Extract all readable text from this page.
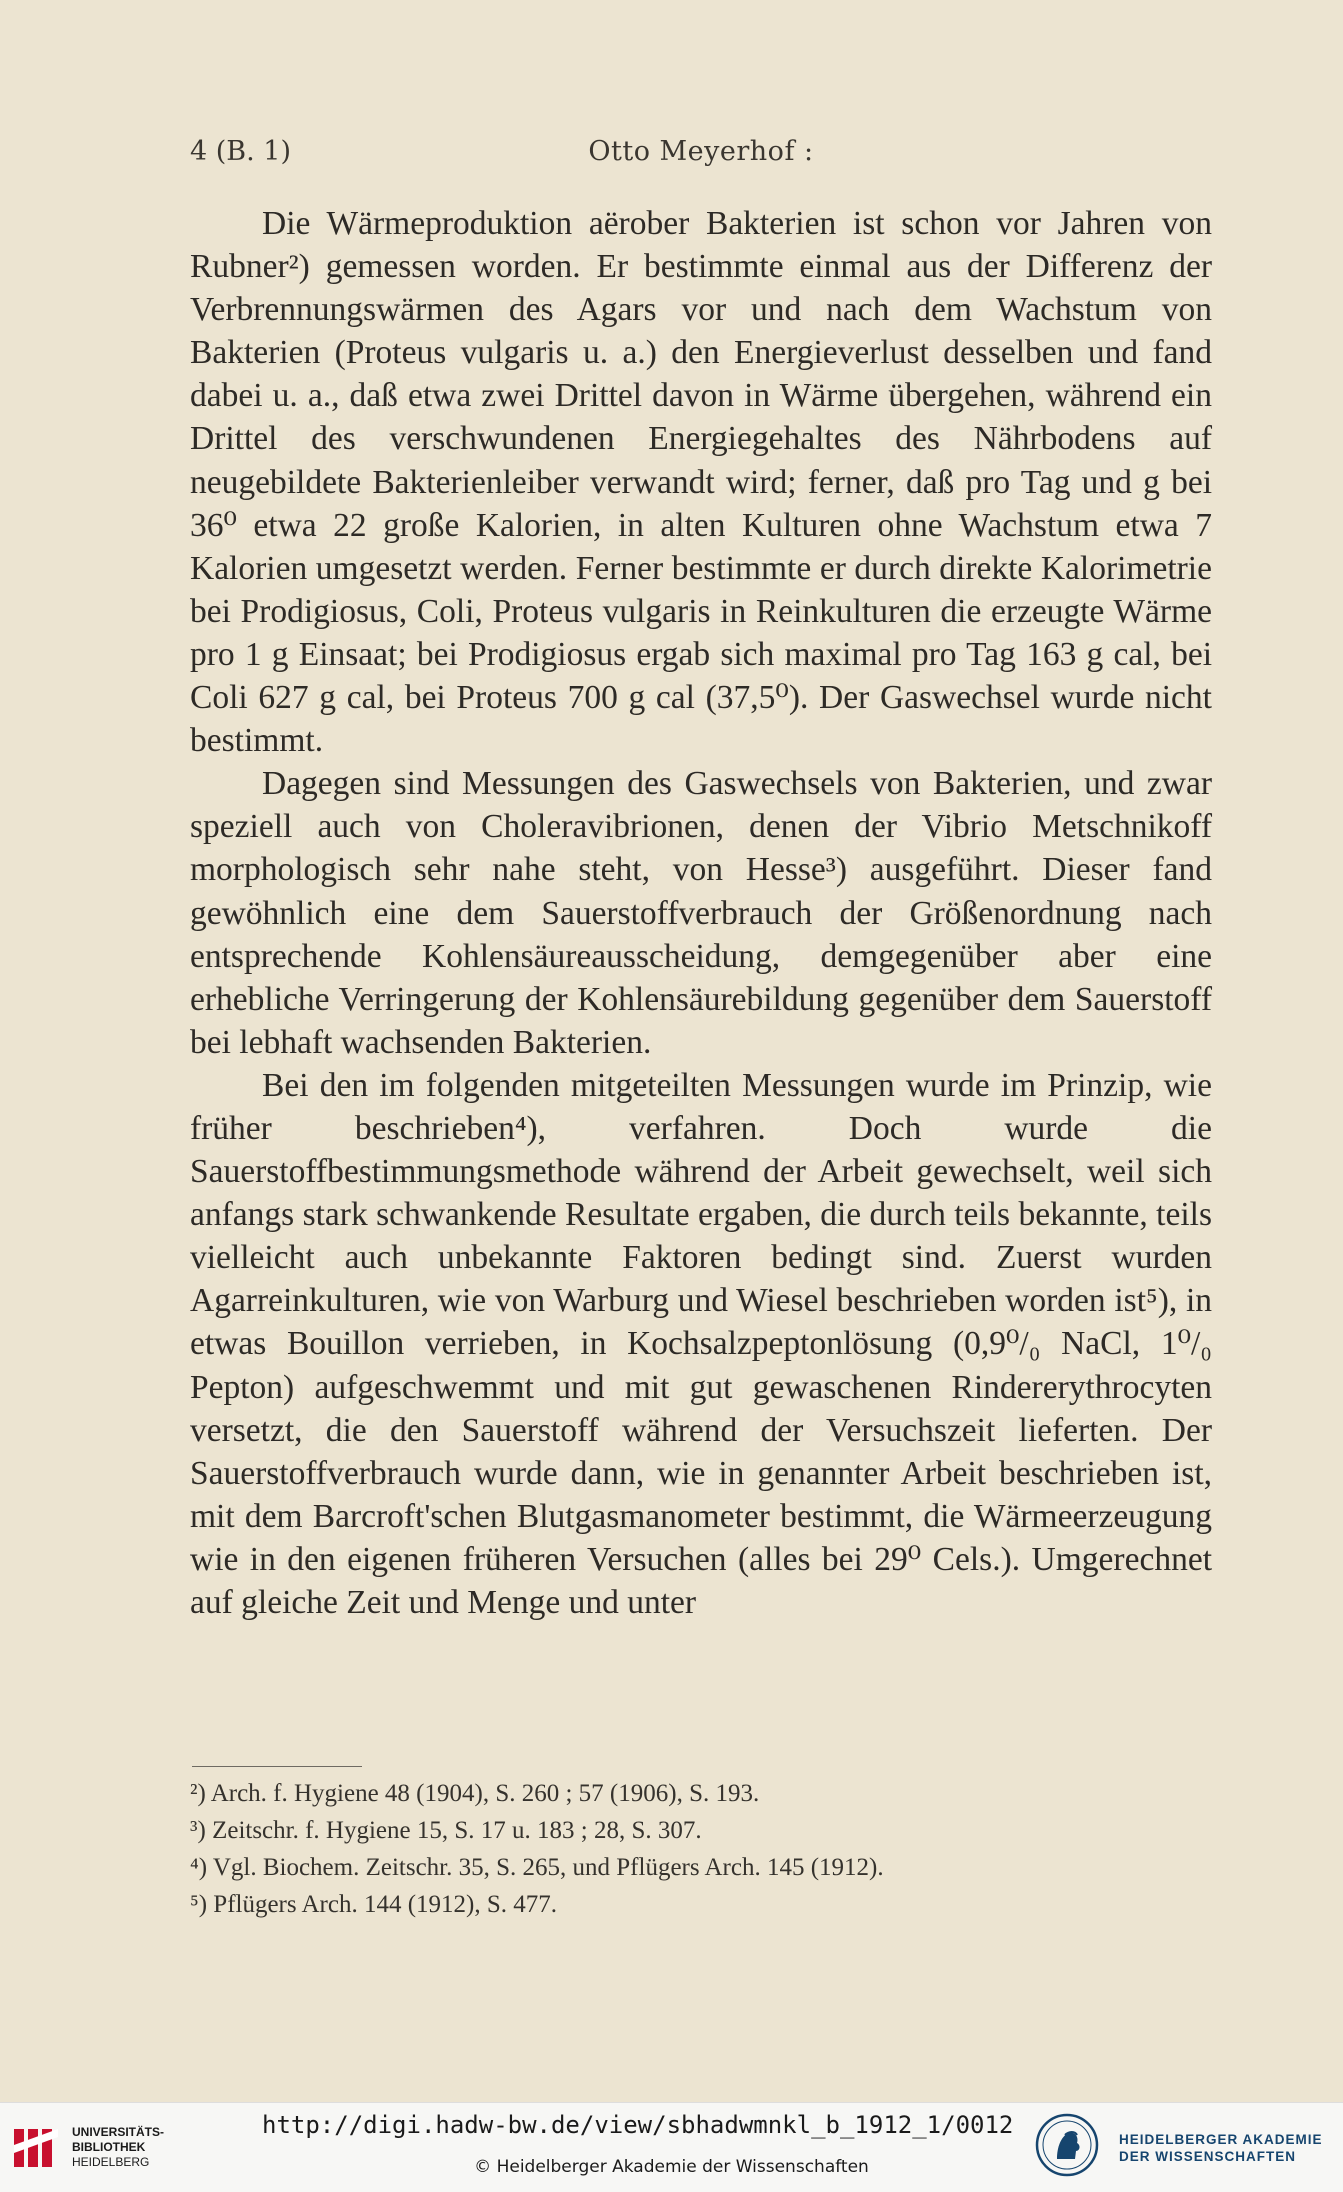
4 (B. 1)	Otto Meyerhof :

Die Wärmeproduktion aërober Bakterien ist schon vor Jahren von Rubner²) gemessen worden. Er bestimmte einmal aus der Differenz der Verbrennungswärmen des Agars vor und nach dem Wachstum von Bakterien (Proteus vulgaris u. a.) den Energieverlust desselben und fand dabei u. a., daß etwa zwei Drittel davon in Wärme übergehen, während ein Drittel des verschwundenen Energiegehaltes des Nährbodens auf neugebildete Bakterienleiber verwandt wird; ferner, daß pro Tag und g bei 36⁰ etwa 22 große Kalorien, in alten Kulturen ohne Wachstum etwa 7 Kalorien umgesetzt werden. Ferner bestimmte er durch direkte Kalorimetrie bei Prodigiosus, Coli, Proteus vulgaris in Reinkulturen die erzeugte Wärme pro 1 g Einsaat; bei Prodigiosus ergab sich maximal pro Tag 163 g cal, bei Coli 627 g cal, bei Proteus 700 g cal (37,5⁰). Der Gaswechsel wurde nicht bestimmt.

Dagegen sind Messungen des Gaswechsels von Bakterien, und zwar speziell auch von Choleravibrionen, denen der Vibrio Metschnikoff morphologisch sehr nahe steht, von Hesse³) ausgeführt. Dieser fand gewöhnlich eine dem Sauerstoffverbrauch der Größenordnung nach entsprechende Kohlensäureausscheidung, demgegenüber aber eine erhebliche Verringerung der Kohlensäurebildung gegenüber dem Sauerstoff bei lebhaft wachsenden Bakterien.

Bei den im folgenden mitgeteilten Messungen wurde im Prinzip, wie früher beschrieben⁴), verfahren. Doch wurde die Sauerstoffbestimmungsmethode während der Arbeit gewechselt, weil sich anfangs stark schwankende Resultate ergaben, die durch teils bekannte, teils vielleicht auch unbekannte Faktoren bedingt sind. Zuerst wurden Agarreinkulturen, wie von Warburg und Wiesel beschrieben worden ist⁵), in etwas Bouillon verrieben, in Kochsalzpeptonlösung (0,9⁰/₀ NaCl, 1⁰/₀ Pepton) aufgeschwemmt und mit gut gewaschenen Rindererythrocyten versetzt, die den Sauerstoff während der Versuchszeit lieferten. Der Sauerstoffverbrauch wurde dann, wie in genannter Arbeit beschrieben ist, mit dem Barcroft'schen Blutgasmanometer bestimmt, die Wärmeerzeugung wie in den eigenen früheren Versuchen (alles bei 29⁰ Cels.). Umgerechnet auf gleiche Zeit und Menge und unter

²) Arch. f. Hygiene 48 (1904), S. 260 ; 57 (1906), S. 193.
³) Zeitschr. f. Hygiene 15, S. 17 u. 183 ; 28, S. 307.
⁴) Vgl. Biochem. Zeitschr. 35, S. 265, und Pflügers Arch. 145 (1912).
⁵) Pflügers Arch. 144 (1912), S. 477.
UNIVERSITÄTS-
BIBLIOTHEK
HEIDELBERG
http://digi.hadw-bw.de/view/sbhadwmnkl_b_1912_1/0012
© Heidelberger Akademie der Wissenschaften
HEIDELBERGER AKADEMIE
DER WISSENSCHAFTEN
